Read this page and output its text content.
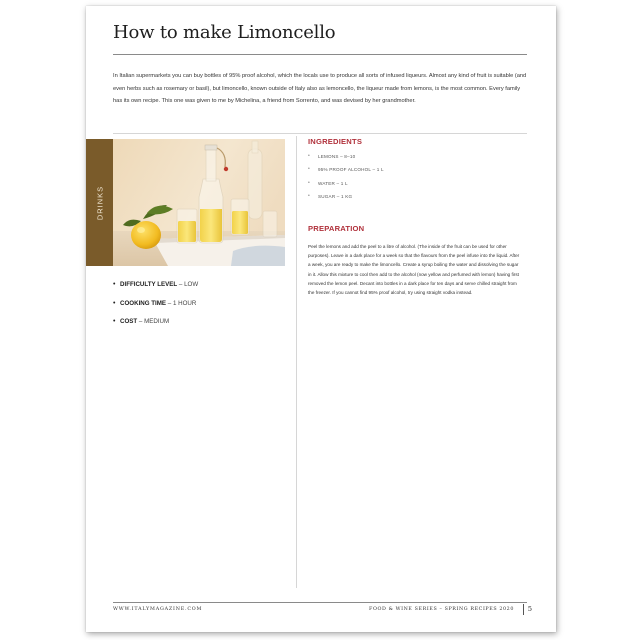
How to make Limoncello

In Italian supermarkets you can buy bottles of 95% proof alcohol, which the locals use to produce all sorts of infused liqueurs. Almost any kind of fruit is suitable (and even herbs such as rosemary or basil), but limoncello, known outside of Italy also as lemoncello, the liqueur made from lemons, is the most common. Every family has its own recipe. This one was given to me by Michelina, a friend from Sorrento, and was devised by her grandmother.

DRINKS
• DIFFICULTY LEVEL – LOW
• COOKING TIME – 1 HOUR
• COST – MEDIUM
INGREDIENTS
• LEMONS – 8–10
• 95% PROOF ALCOHOL – 1 L
• WATER – 1 L
• SUGAR – 1 KG
PREPARATION

Peel the lemons and add the peel to a litre of alcohol. (The inside of the fruit can be used for other purposes). Leave in a dark place for a week so that the flavours from the peel infuse into the liquid. After a week, you are ready to make the limoncello. Create a syrup boiling the water and dissolving the sugar in it. Allow this mixture to cool then add to the alcohol (now yellow and perfumed with lemon) having first removed the lemon peel. Decant into bottles in a dark place for ten days and serve chilled straight from the freezer. If you cannot find 95% proof alcohol, try using straight vodka instead.

WWW.ITALYMAGAZINE.COM	FOOD & WINE SERIES – SPRING RECIPES 2020 5
